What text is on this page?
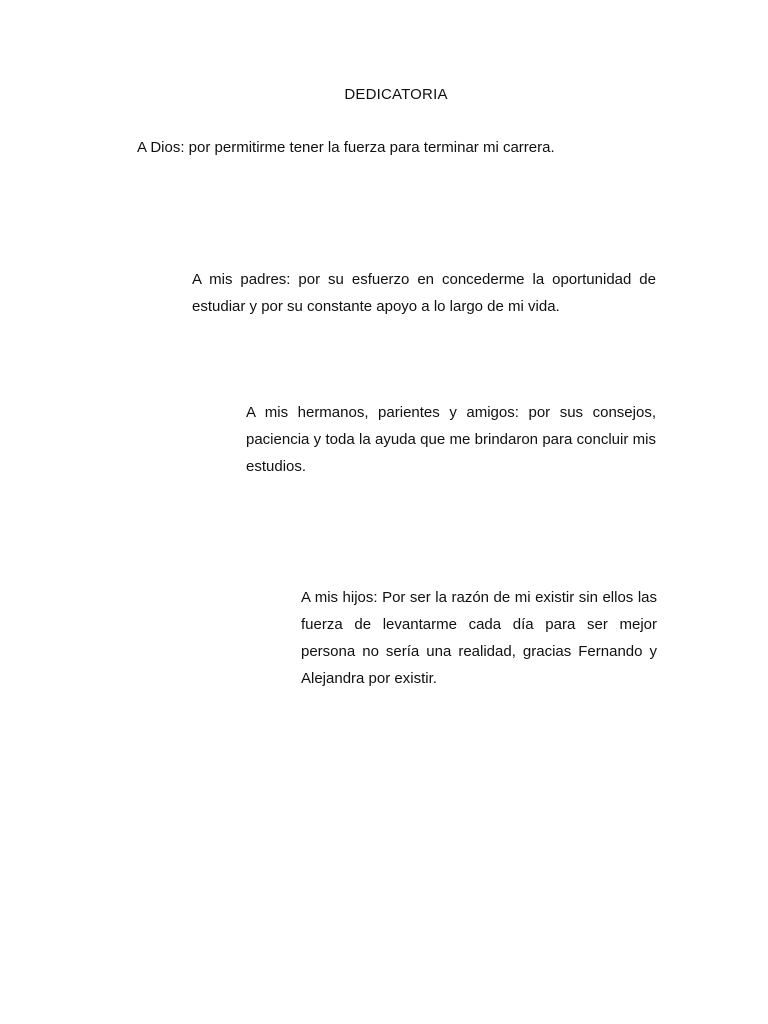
DEDICATORIA

A Dios: por permitirme tener la fuerza para terminar mi carrera.

A mis padres: por su esfuerzo en concederme la oportunidad de estudiar y por su constante apoyo a lo largo de mi vida.

A mis hermanos, parientes y amigos: por sus consejos, paciencia y toda la ayuda que me brindaron para concluir mis estudios.

A mis hijos: Por ser la razón de mi existir sin ellos las fuerza de levantarme cada día para ser mejor persona no sería una realidad, gracias Fernando y Alejandra por existir.
